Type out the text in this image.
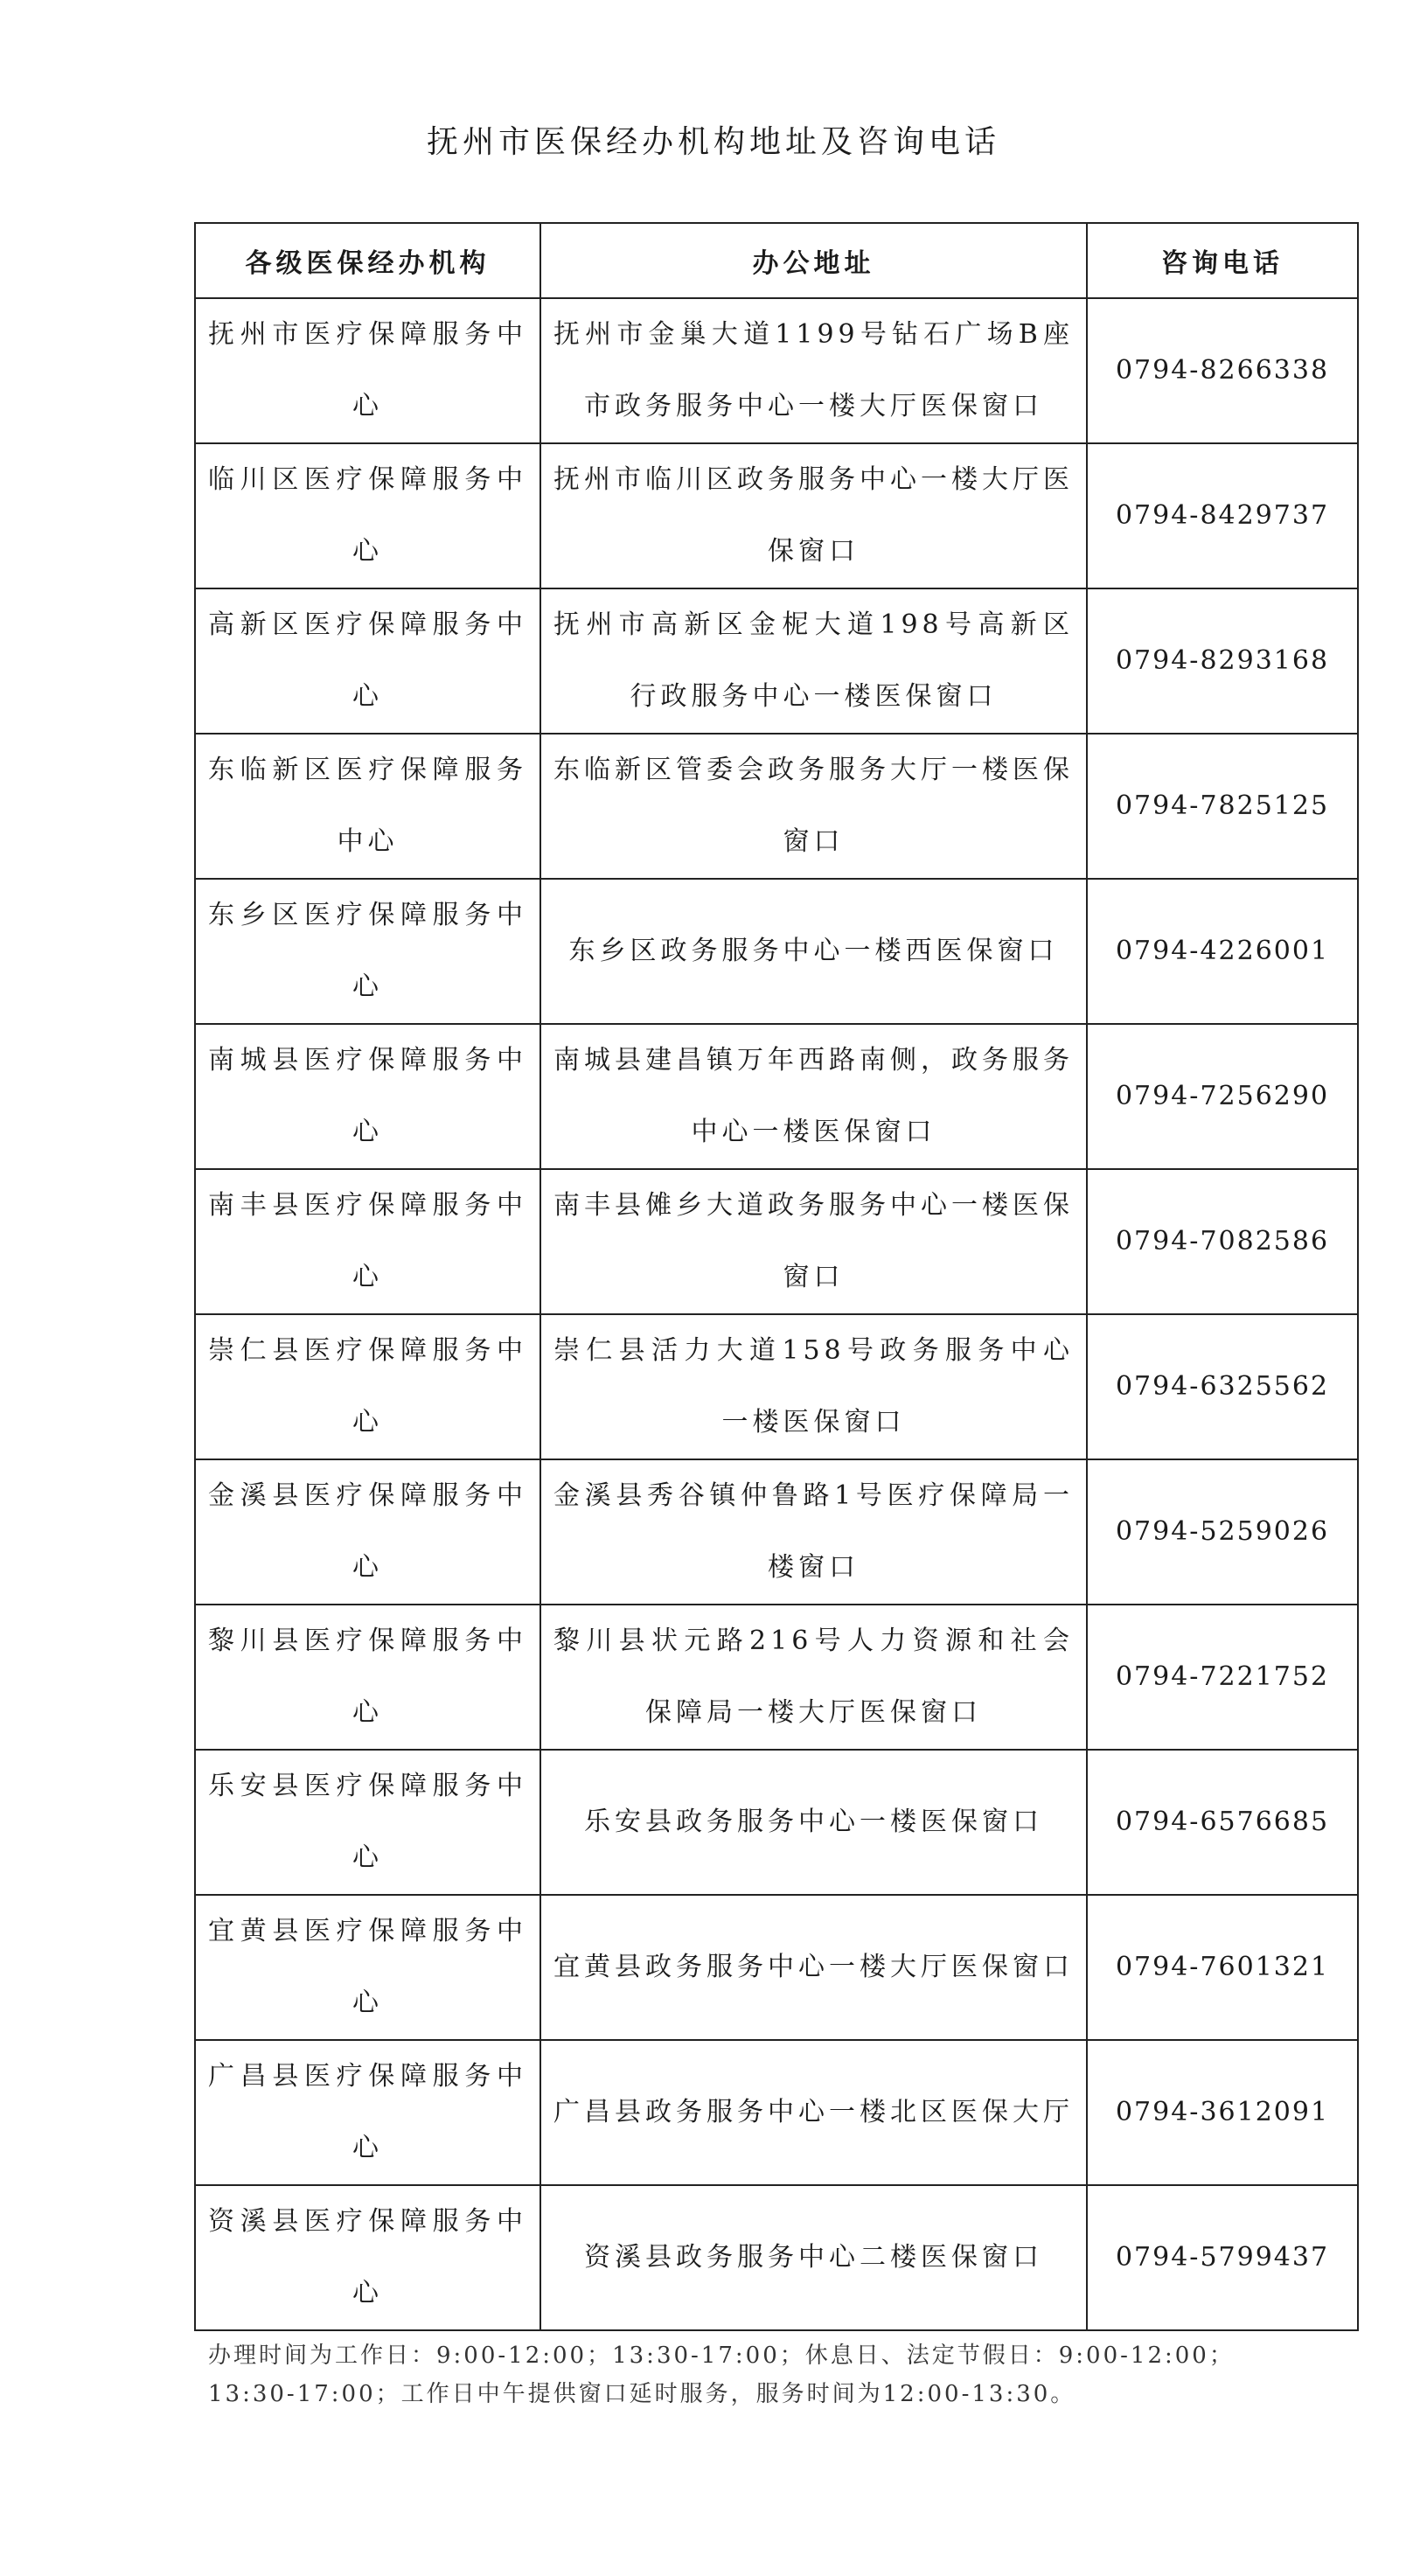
抚州市医保经办机构地址及咨询电话
各级医保经办机构	办公地址	咨询电话
抚州市医疗保障服务中心	抚州市金巢大道1199号钻石广场B座市政务服务中心一楼大厅医保窗口	0794-8266338
临川区医疗保障服务中心	抚州市临川区政务服务中心一楼大厅医保窗口	0794-8429737
高新区医疗保障服务中心	抚州市高新区金柅大道198号高新区行政服务中心一楼医保窗口	0794-8293168
东临新区医疗保障服务中心	东临新区管委会政务服务大厅一楼医保窗口	0794-7825125
东乡区医疗保障服务中心	东乡区政务服务中心一楼西医保窗口	0794-4226001
南城县医疗保障服务中心	南城县建昌镇万年西路南侧，政务服务中心一楼医保窗口	0794-7256290
南丰县医疗保障服务中心	南丰县傩乡大道政务服务中心一楼医保窗口	0794-7082586
崇仁县医疗保障服务中心	崇仁县活力大道158号政务服务中心一楼医保窗口	0794-6325562
金溪县医疗保障服务中心	金溪县秀谷镇仲鲁路1号医疗保障局一楼窗口	0794-5259026
黎川县医疗保障服务中心	黎川县状元路216号人力资源和社会保障局一楼大厅医保窗口	0794-7221752
乐安县医疗保障服务中心	乐安县政务服务中心一楼医保窗口	0794-6576685
宜黄县医疗保障服务中心	宜黄县政务服务中心一楼大厅医保窗口	0794-7601321
广昌县医疗保障服务中心	广昌县政务服务中心一楼北区医保大厅	0794-3612091
资溪县医疗保障服务中心	资溪县政务服务中心二楼医保窗口	0794-5799437
办理时间为工作日：9:00-12:00；13:30-17:00；休息日、法定节假日：9:00-12:00；13:30-17:00；工作日中午提供窗口延时服务，服务时间为12:00-13:30。
